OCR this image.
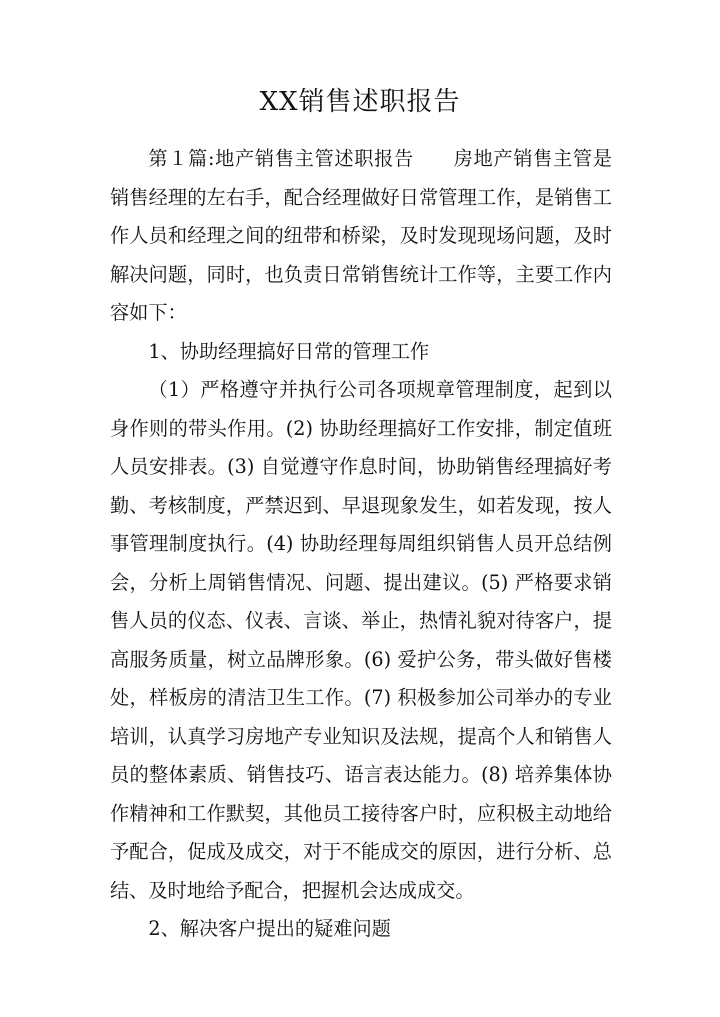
XX销售述职报告

第１篇:地产销售主管述职报告　　房地产销售主管是销售经理的左右手，配合经理做好日常管理工作，是销售工作人员和经理之间的纽带和桥梁，及时发现现场问题，及时解决问题，同时，也负责日常销售统计工作等，主要工作内容如下：

1、协助经理搞好日常的管理工作

（1）严格遵守并执行公司各项规章管理制度，起到以身作则的带头作用。(2) 协助经理搞好工作安排，制定值班人员安排表。(3) 自觉遵守作息时间，协助销售经理搞好考勤、考核制度，严禁迟到、早退现象发生，如若发现，按人事管理制度执行。(4) 协助经理每周组织销售人员开总结例会，分析上周销售情况、问题、提出建议。(5) 严格要求销售人员的仪态、仪表、言谈、举止，热情礼貌对待客户，提高服务质量，树立品牌形象。(6) 爱护公务，带头做好售楼处，样板房的清洁卫生工作。(7) 积极参加公司举办的专业培训，认真学习房地产专业知识及法规，提高个人和销售人员的整体素质、销售技巧、语言表达能力。(8) 培养集体协作精神和工作默契，其他员工接待客户时，应积极主动地给予配合，促成及成交，对于不能成交的原因，进行分析、总结、及时地给予配合，把握机会达成成交。

2、解决客户提出的疑难问题
